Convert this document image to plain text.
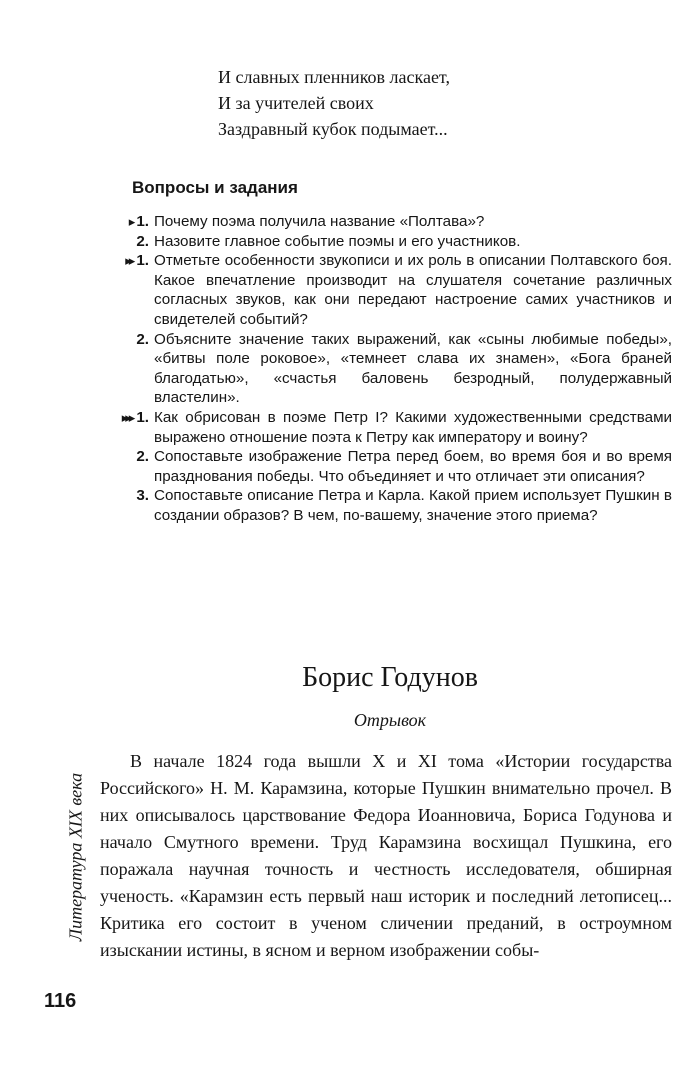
И славных пленников ласкает,
И за учителей своих
Заздравный кубок подымает...
Вопросы и задания
▸ 1. Почему поэма получила название «Полтава»?
2. Назовите главное событие поэмы и его участников.
▸▸ 1. Отметьте особенности звукописи и их роль в описании Полтавского боя. Какое впечатление производит на слушателя сочетание различных согласных звуков, как они передают настроение самих участников и свидетелей событий?
2. Объясните значение таких выражений, как «сыны любимые победы», «битвы поле роковое», «темнеет слава их знамен», «Бога браней благодатью», «счастья баловень безродный, полудержавный властелин».
▸▸▸ 1. Как обрисован в поэме Петр I? Какими художественными средствами выражено отношение поэта к Петру как императору и воину?
2. Сопоставьте изображение Петра перед боем, во время боя и во время празднования победы. Что объединяет и что отличает эти описания?
3. Сопоставьте описание Петра и Карла. Какой прием использует Пушкин в создании образов? В чем, по-вашему, значение этого приема?
Борис Годунов
Отрывок
Литература XIX века
В начале 1824 года вышли X и XI тома «Истории государства Российского» Н. М. Карамзина, которые Пушкин внимательно прочел. В них описывалось царствование Федора Иоанновича, Бориса Годунова и начало Смутного времени. Труд Карамзина восхищал Пушкина, его поражала научная точность и честность исследователя, обширная ученость. «Карамзин есть первый наш историк и последний летописец... Критика его состоит в ученом сличении преданий, в остроумном изыскании истины, в ясном и верном изображении собы-
116
